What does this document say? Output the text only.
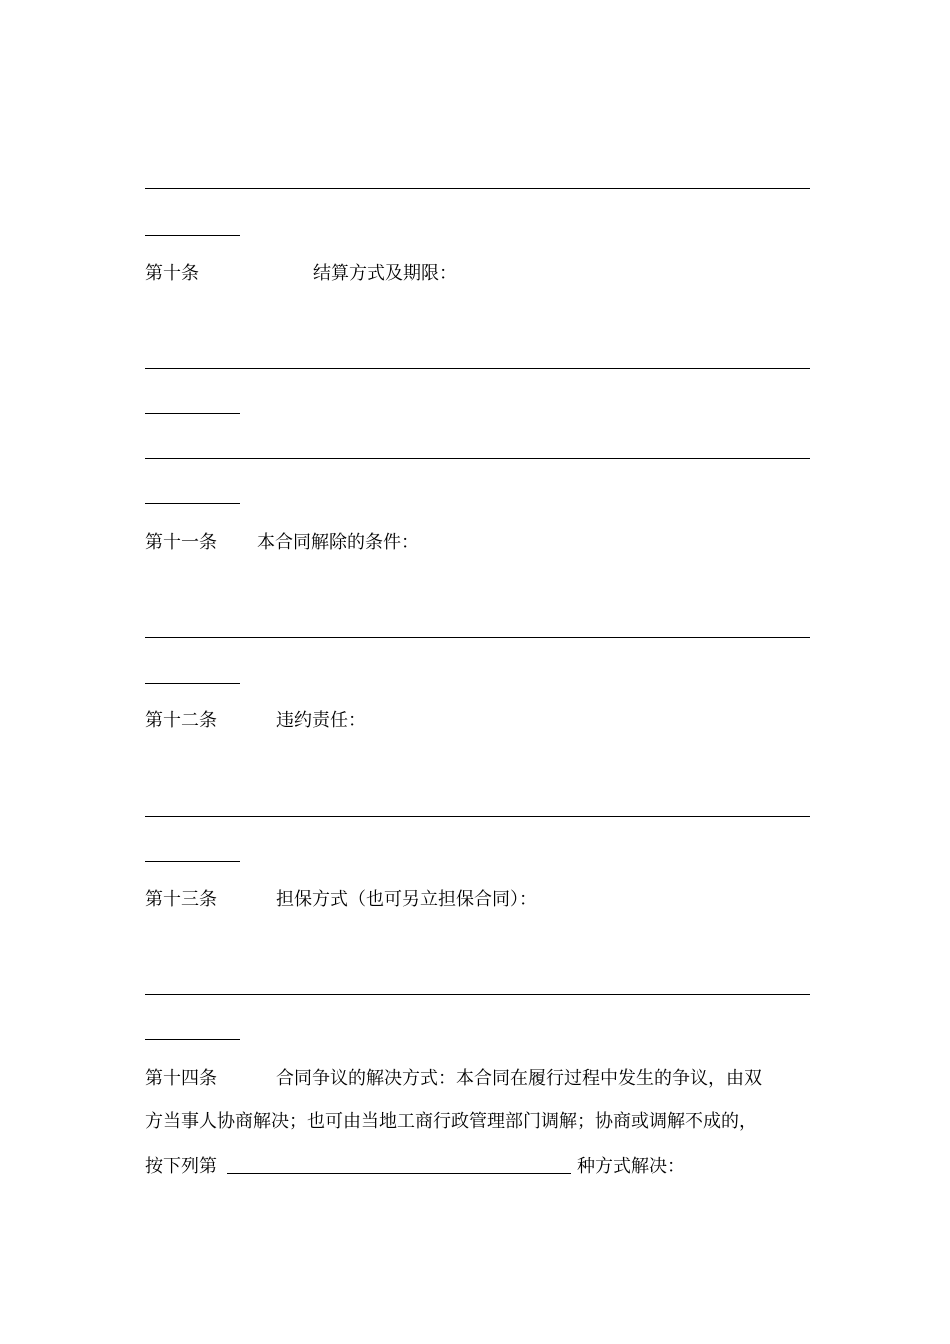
第十条	结算方式及期限：
第十一条 本合同解除的条件：
第十二条	违约责任：
第十三条	担保方式（也可另立担保合同）：
第十四条	合同争议的解决方式：本合同在履行过程中发生的争议，由双
方当事人协商解决；也可由当地工商行政管理部门调解；协商或调解不成的，
按下列第	种方式解决：
